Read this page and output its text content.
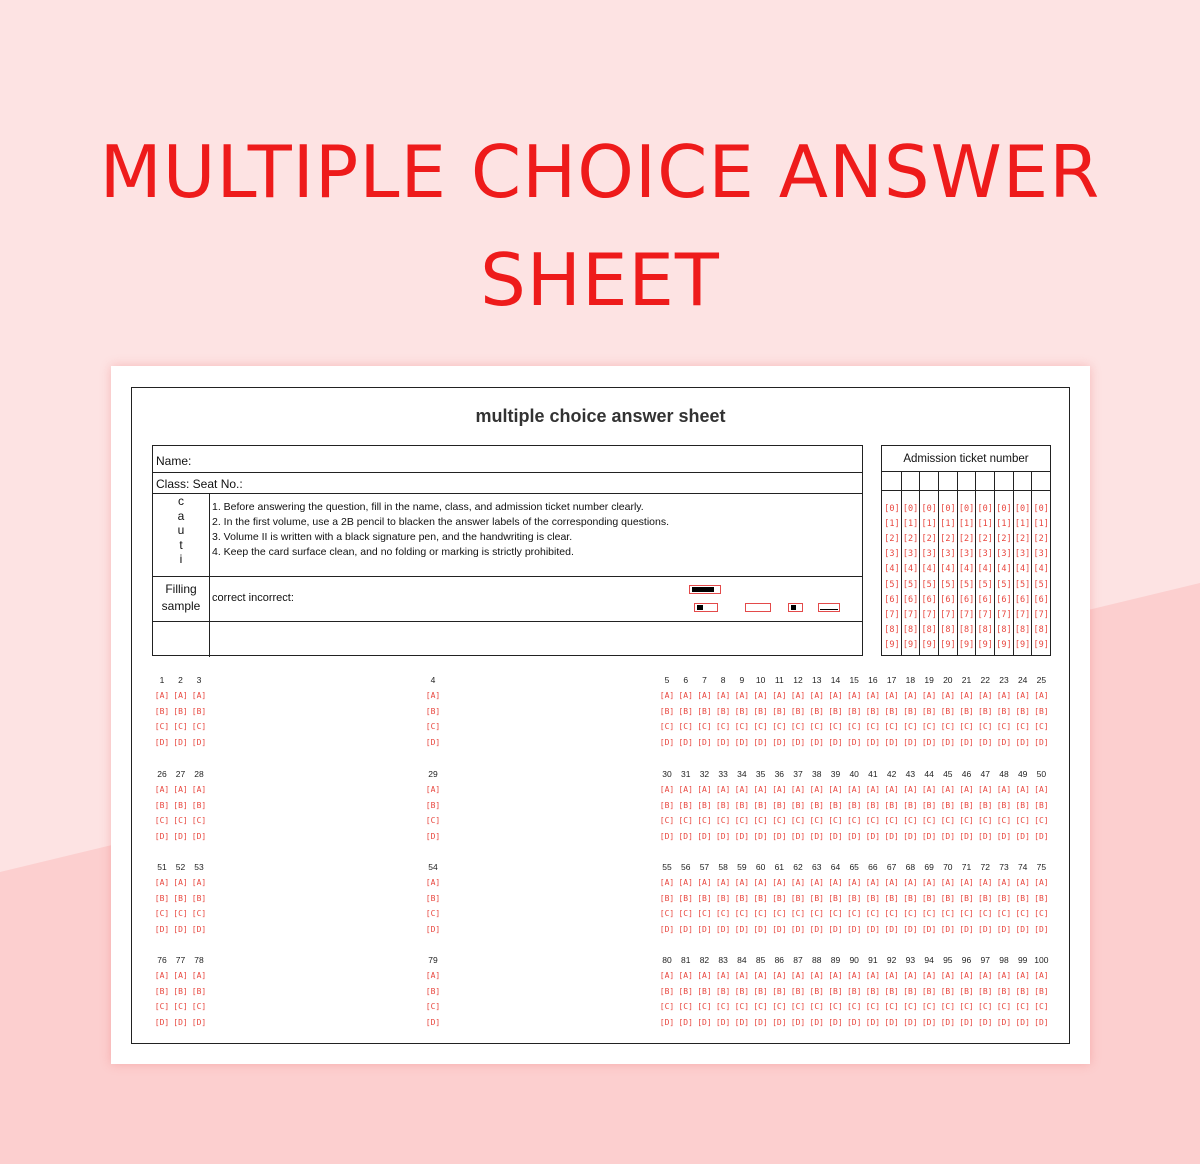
MULTIPLE CHOICE ANSWER
SHEET
multiple choice answer sheet
Name:
Class: Seat No.:
c
a
u
t
i
1. Before answering the question, fill in the name, class, and admission ticket number clearly.
2. In the first volume, use a 2B pencil to blacken the answer labels of the corresponding questions.
3. Volume II is written with a black signature pen, and the handwriting is clear.
4. Keep the card surface clean, and no folding or marking is strictly prohibited.
Filling sample
correct incorrect:
Admission ticket number
[0]
[1]
[2]
[3]
[4]
[5]
[6]
[7]
[8]
[9]
[0]
[1]
[2]
[3]
[4]
[5]
[6]
[7]
[8]
[9]
[0]
[1]
[2]
[3]
[4]
[5]
[6]
[7]
[8]
[9]
[0]
[1]
[2]
[3]
[4]
[5]
[6]
[7]
[8]
[9]
[0]
[1]
[2]
[3]
[4]
[5]
[6]
[7]
[8]
[9]
[0]
[1]
[2]
[3]
[4]
[5]
[6]
[7]
[8]
[9]
[0]
[1]
[2]
[3]
[4]
[5]
[6]
[7]
[8]
[9]
[0]
[1]
[2]
[3]
[4]
[5]
[6]
[7]
[8]
[9]
[0]
[1]
[2]
[3]
[4]
[5]
[6]
[7]
[8]
[9]
1
[A]
[B]
[C]
[D]
2
[A]
[B]
[C]
[D]
3
[A]
[B]
[C]
[D]
4
[A]
[B]
[C]
[D]
5
[A]
[B]
[C]
[D]
6
[A]
[B]
[C]
[D]
7
[A]
[B]
[C]
[D]
8
[A]
[B]
[C]
[D]
9
[A]
[B]
[C]
[D]
10
[A]
[B]
[C]
[D]
11
[A]
[B]
[C]
[D]
12
[A]
[B]
[C]
[D]
13
[A]
[B]
[C]
[D]
14
[A]
[B]
[C]
[D]
15
[A]
[B]
[C]
[D]
16
[A]
[B]
[C]
[D]
17
[A]
[B]
[C]
[D]
18
[A]
[B]
[C]
[D]
19
[A]
[B]
[C]
[D]
20
[A]
[B]
[C]
[D]
21
[A]
[B]
[C]
[D]
22
[A]
[B]
[C]
[D]
23
[A]
[B]
[C]
[D]
24
[A]
[B]
[C]
[D]
25
[A]
[B]
[C]
[D]
26
[A]
[B]
[C]
[D]
27
[A]
[B]
[C]
[D]
28
[A]
[B]
[C]
[D]
29
[A]
[B]
[C]
[D]
30
[A]
[B]
[C]
[D]
31
[A]
[B]
[C]
[D]
32
[A]
[B]
[C]
[D]
33
[A]
[B]
[C]
[D]
34
[A]
[B]
[C]
[D]
35
[A]
[B]
[C]
[D]
36
[A]
[B]
[C]
[D]
37
[A]
[B]
[C]
[D]
38
[A]
[B]
[C]
[D]
39
[A]
[B]
[C]
[D]
40
[A]
[B]
[C]
[D]
41
[A]
[B]
[C]
[D]
42
[A]
[B]
[C]
[D]
43
[A]
[B]
[C]
[D]
44
[A]
[B]
[C]
[D]
45
[A]
[B]
[C]
[D]
46
[A]
[B]
[C]
[D]
47
[A]
[B]
[C]
[D]
48
[A]
[B]
[C]
[D]
49
[A]
[B]
[C]
[D]
50
[A]
[B]
[C]
[D]
51
[A]
[B]
[C]
[D]
52
[A]
[B]
[C]
[D]
53
[A]
[B]
[C]
[D]
54
[A]
[B]
[C]
[D]
55
[A]
[B]
[C]
[D]
56
[A]
[B]
[C]
[D]
57
[A]
[B]
[C]
[D]
58
[A]
[B]
[C]
[D]
59
[A]
[B]
[C]
[D]
60
[A]
[B]
[C]
[D]
61
[A]
[B]
[C]
[D]
62
[A]
[B]
[C]
[D]
63
[A]
[B]
[C]
[D]
64
[A]
[B]
[C]
[D]
65
[A]
[B]
[C]
[D]
66
[A]
[B]
[C]
[D]
67
[A]
[B]
[C]
[D]
68
[A]
[B]
[C]
[D]
69
[A]
[B]
[C]
[D]
70
[A]
[B]
[C]
[D]
71
[A]
[B]
[C]
[D]
72
[A]
[B]
[C]
[D]
73
[A]
[B]
[C]
[D]
74
[A]
[B]
[C]
[D]
75
[A]
[B]
[C]
[D]
76
[A]
[B]
[C]
[D]
77
[A]
[B]
[C]
[D]
78
[A]
[B]
[C]
[D]
79
[A]
[B]
[C]
[D]
80
[A]
[B]
[C]
[D]
81
[A]
[B]
[C]
[D]
82
[A]
[B]
[C]
[D]
83
[A]
[B]
[C]
[D]
84
[A]
[B]
[C]
[D]
85
[A]
[B]
[C]
[D]
86
[A]
[B]
[C]
[D]
87
[A]
[B]
[C]
[D]
88
[A]
[B]
[C]
[D]
89
[A]
[B]
[C]
[D]
90
[A]
[B]
[C]
[D]
91
[A]
[B]
[C]
[D]
92
[A]
[B]
[C]
[D]
93
[A]
[B]
[C]
[D]
94
[A]
[B]
[C]
[D]
95
[A]
[B]
[C]
[D]
96
[A]
[B]
[C]
[D]
97
[A]
[B]
[C]
[D]
98
[A]
[B]
[C]
[D]
99
[A]
[B]
[C]
[D]
100
[A]
[B]
[C]
[D]
